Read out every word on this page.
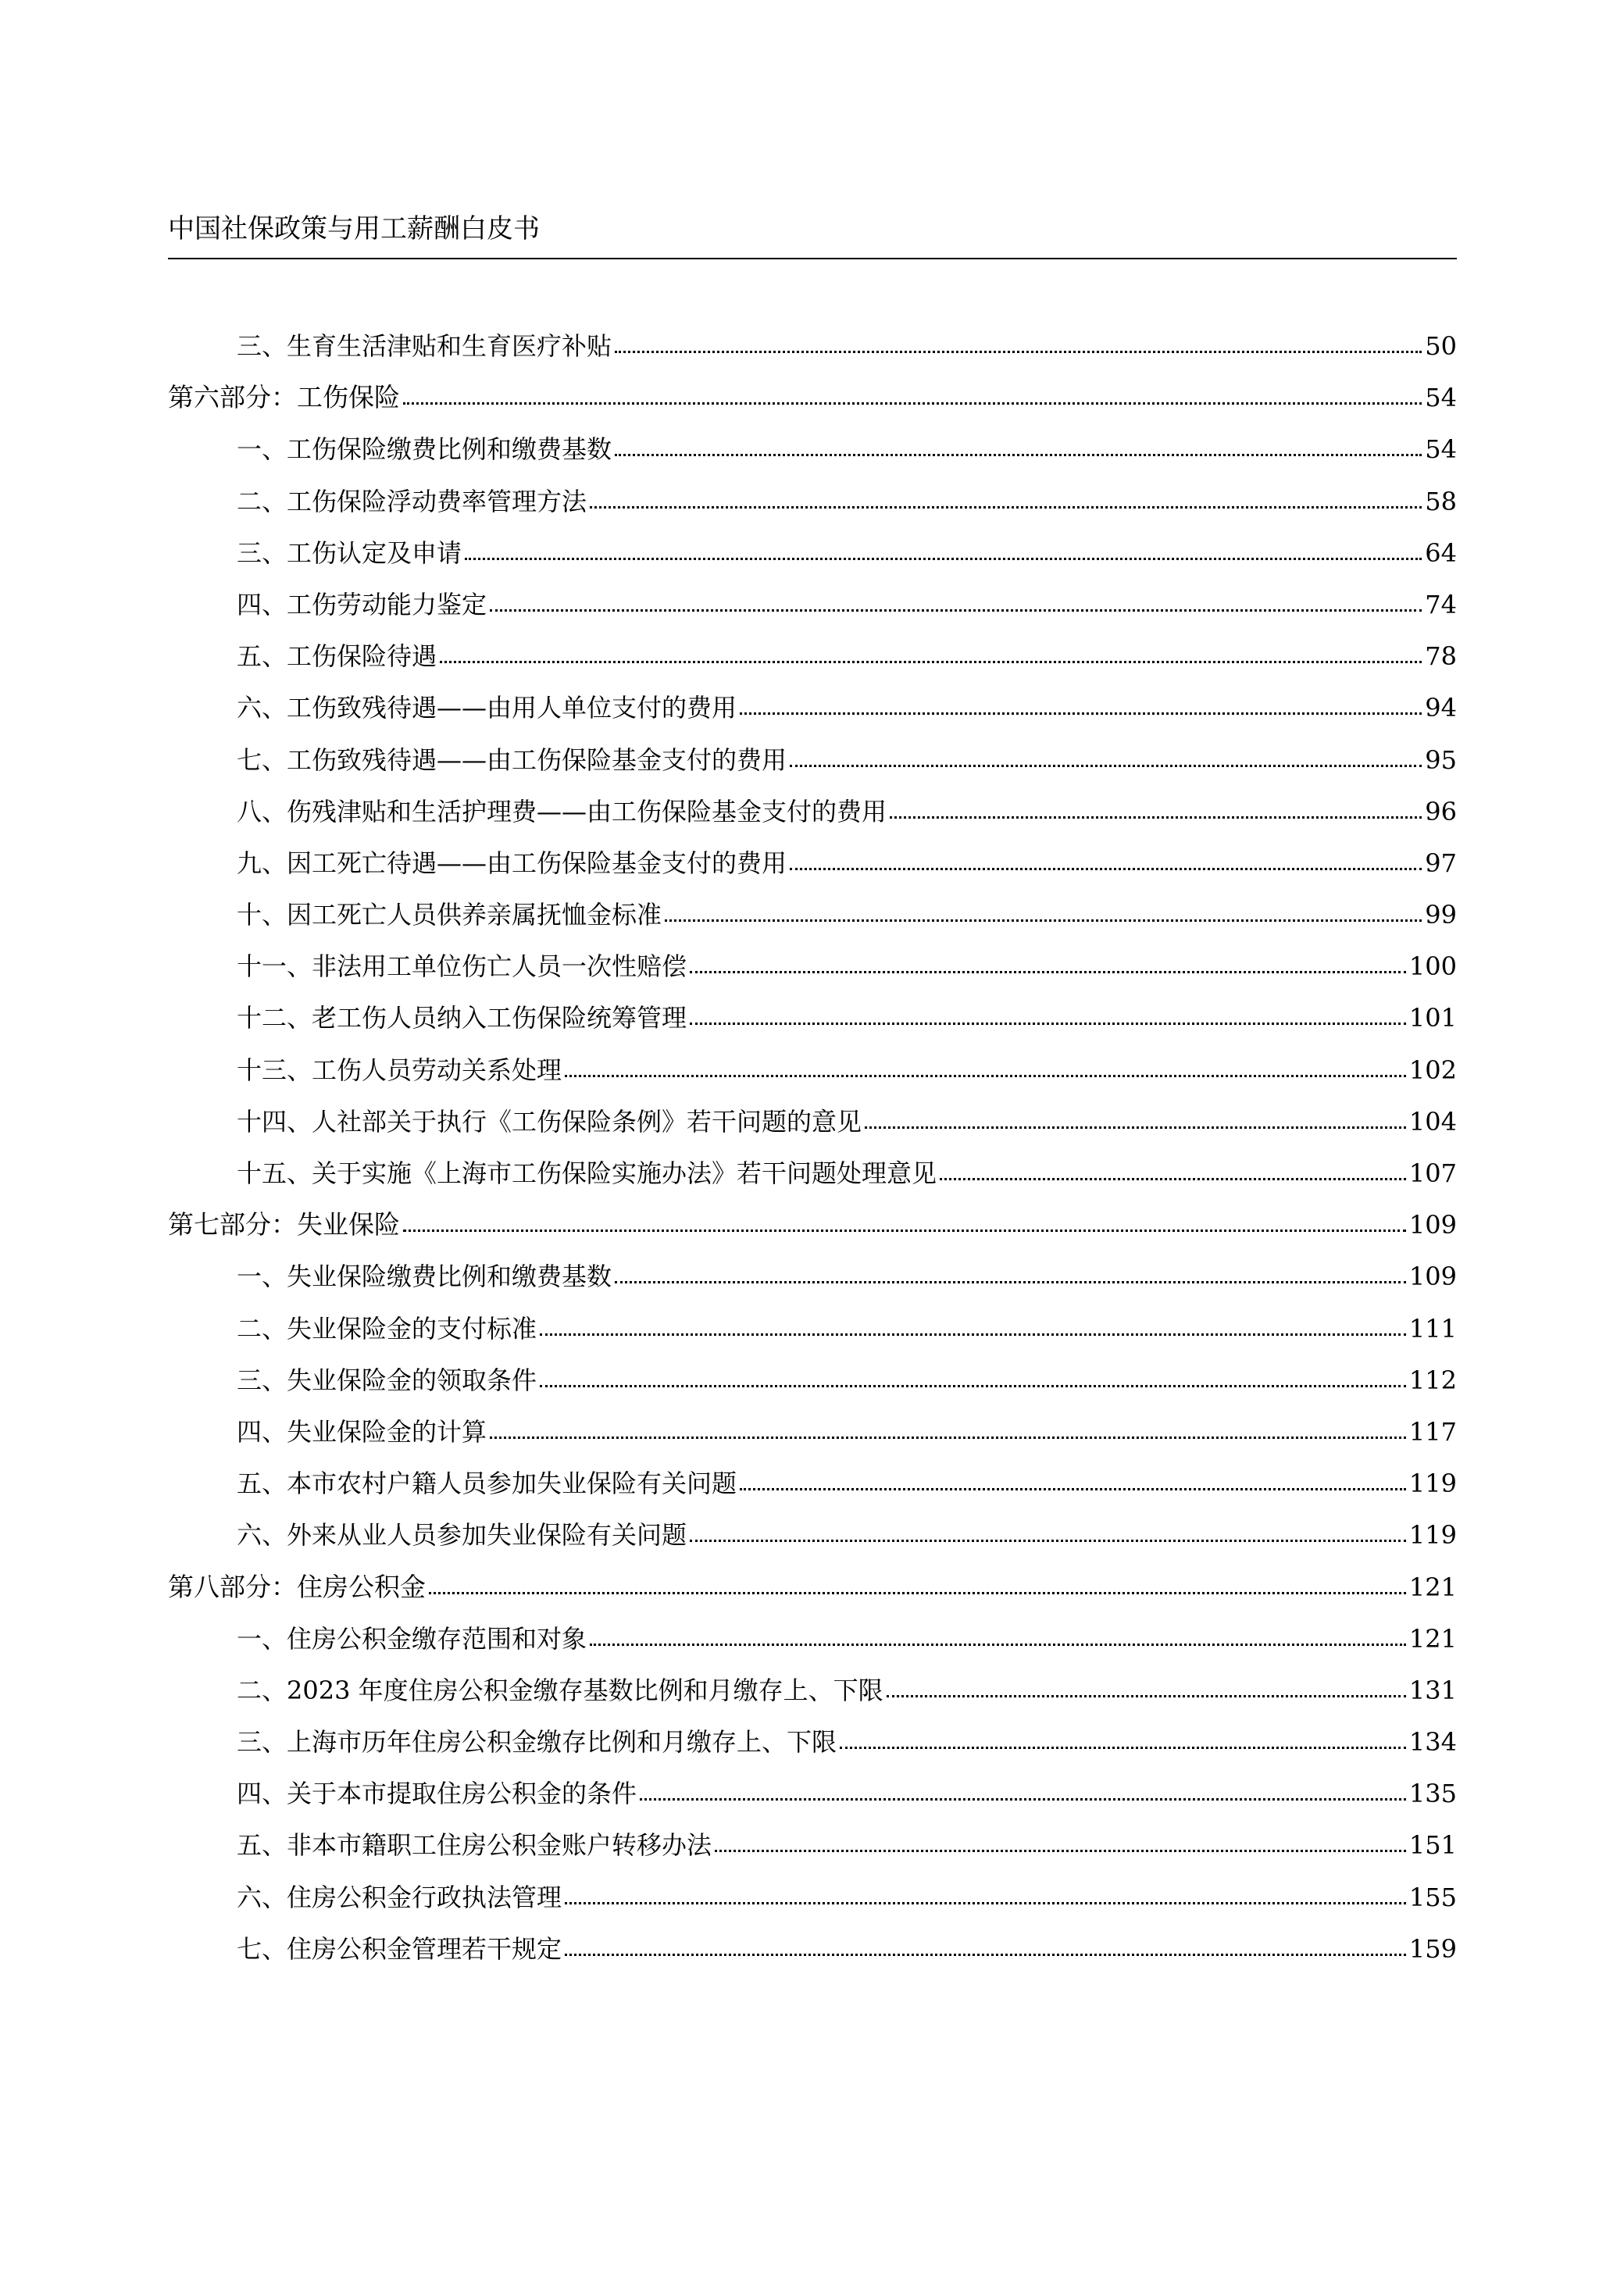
中国社保政策与用工薪酬白皮书
三、生育生活津贴和生育医疗补贴	50
第六部分：工伤保险	54
一、工伤保险缴费比例和缴费基数	54
二、工伤保险浮动费率管理方法	58
三、工伤认定及申请	64
四、工伤劳动能力鉴定	74
五、工伤保险待遇	78
六、工伤致残待遇——由用人单位支付的费用	94
七、工伤致残待遇——由工伤保险基金支付的费用	95
八、伤残津贴和生活护理费——由工伤保险基金支付的费用	96
九、因工死亡待遇——由工伤保险基金支付的费用	97
十、因工死亡人员供养亲属抚恤金标准	99
十一、非法用工单位伤亡人员一次性赔偿	100
十二、老工伤人员纳入工伤保险统筹管理	101
十三、工伤人员劳动关系处理	102
十四、人社部关于执行《工伤保险条例》若干问题的意见	104
十五、关于实施《上海市工伤保险实施办法》若干问题处理意见	107
第七部分：失业保险	109
一、失业保险缴费比例和缴费基数	109
二、失业保险金的支付标准	111
三、失业保险金的领取条件	112
四、失业保险金的计算	117
五、本市农村户籍人员参加失业保险有关问题	119
六、外来从业人员参加失业保险有关问题	119
第八部分：住房公积金	121
一、住房公积金缴存范围和对象	121
二、2023 年度住房公积金缴存基数比例和月缴存上、下限	131
三、上海市历年住房公积金缴存比例和月缴存上、下限	134
四、关于本市提取住房公积金的条件	135
五、非本市籍职工住房公积金账户转移办法	151
六、住房公积金行政执法管理	155
七、住房公积金管理若干规定	159
